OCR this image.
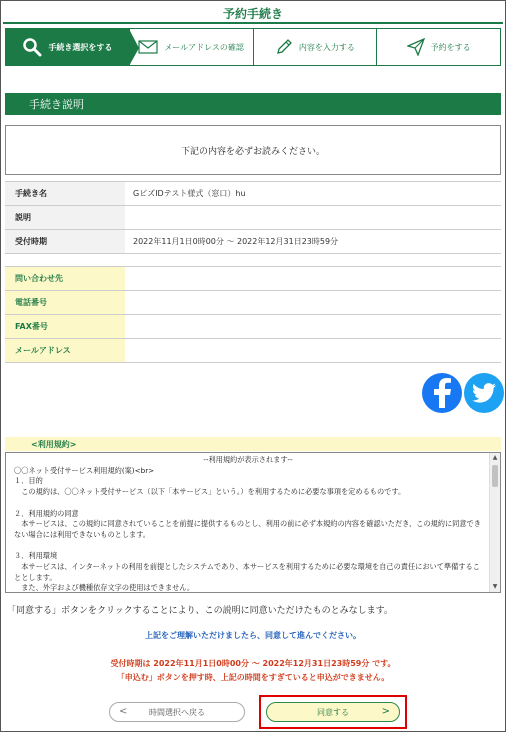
予約手続き
手続き選択をする	メールアドレスの確認	内容を入力する	予約をする
手続き説明
下記の内容を必ずお読みください。
手続き名	GビズIDテスト様式（窓口）hu
説明	
受付時期	2022年11月1日0時00分 ～ 2022年12月31日23時59分
問い合わせ先	
電話番号	
FAX番号	
メールアドレス	
<利用規約>
--利用規約が表示されます--
〇〇ネット受付サービス利用規約(案)<br>
１．目的
　この規約は、〇〇ネット受付サービス（以下「本サービス」という。）を利用するために必要な事項を定めるものです。

２．利用規約の同意
　本サービスは、この規約に同意されていることを前提に提供するものとし、利用の前に必ず本規約の内容を確認いただき、この規約に同意できない場合には利用できないものとします。

３．利用環境
　本サービスは、インターネットの利用を前提としたシステムであり、本サービスを利用するために必要な環境を自己の責任において準備することとします。
　また、外字および機種依存文字の使用はできません。
▲
▼
「同意する」ボタンをクリックすることにより、この説明に同意いただけたものとみなします。
上記をご理解いただけましたら、同意して進んでください。
受付時期は 2022年11月1日0時00分 ～ 2022年12月31日23時59分 です。
「申込む」ボタンを押す時、上記の時間をすぎていると申込ができません。
<	時間選択へ戻る	同意する	>
